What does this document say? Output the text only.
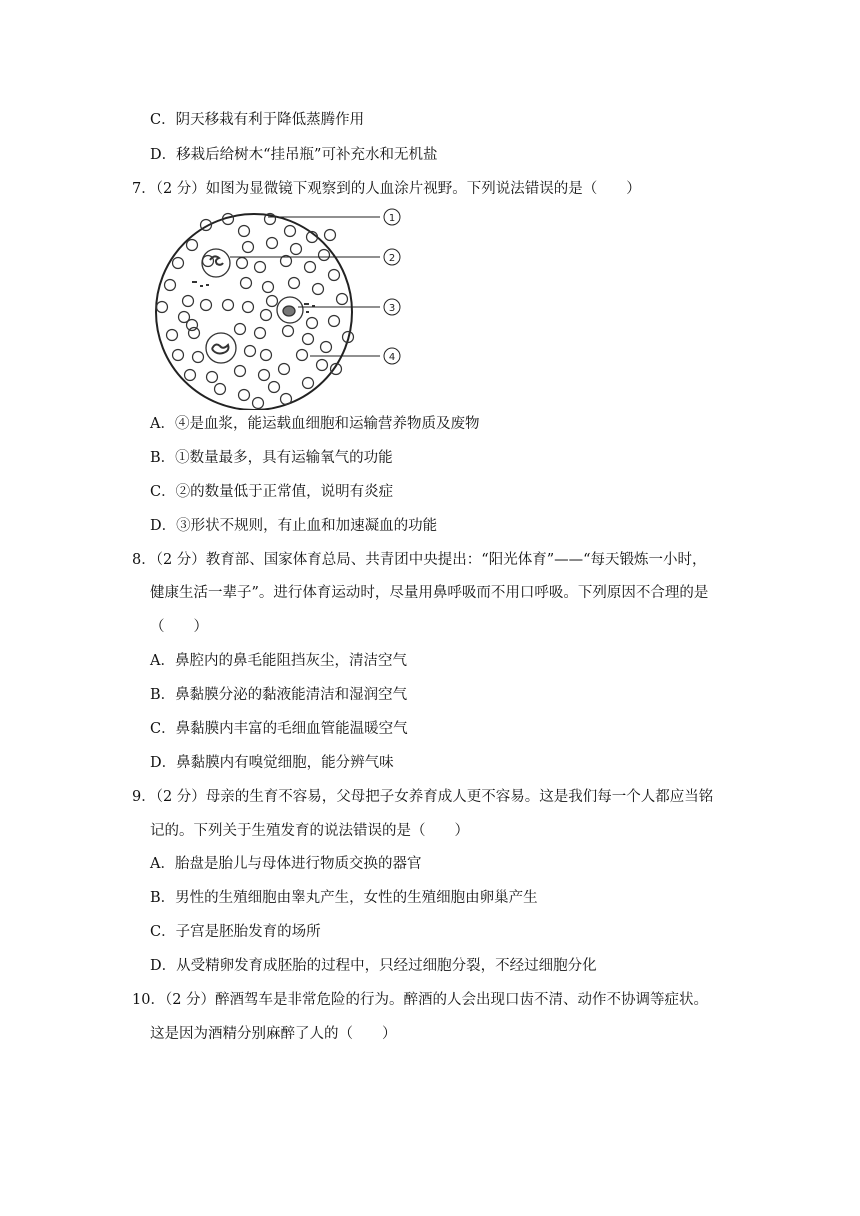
C．阴天移栽有利于降低蒸腾作用
D．移栽后给树木“挂吊瓶”可补充水和无机盐
7．（2 分）如图为显微镜下观察到的人血涂片视野。下列说法错误的是（　　）
1
2
3
4
A．④是血浆，能运载血细胞和运输营养物质及废物
B．①数量最多，具有运输氧气的功能
C．②的数量低于正常值，说明有炎症
D．③形状不规则，有止血和加速凝血的功能
8．（2 分）教育部、国家体育总局、共青团中央提出：“阳光体育”——“每天锻炼一小时，
健康生活一辈子”。进行体育运动时，尽量用鼻呼吸而不用口呼吸。下列原因不合理的是
（　　）
A．鼻腔内的鼻毛能阻挡灰尘，清洁空气
B．鼻黏膜分泌的黏液能清洁和湿润空气
C．鼻黏膜内丰富的毛细血管能温暖空气
D．鼻黏膜内有嗅觉细胞，能分辨气味
9．（2 分）母亲的生育不容易，父母把子女养育成人更不容易。这是我们每一个人都应当铭
记的。下列关于生殖发育的说法错误的是（　　）
A．胎盘是胎儿与母体进行物质交换的器官
B．男性的生殖细胞由睾丸产生，女性的生殖细胞由卵巢产生
C．子宫是胚胎发育的场所
D．从受精卵发育成胚胎的过程中，只经过细胞分裂，不经过细胞分化
10．（2 分）醉酒驾车是非常危险的行为。醉酒的人会出现口齿不清、动作不协调等症状。
这是因为酒精分别麻醉了人的（　　）
